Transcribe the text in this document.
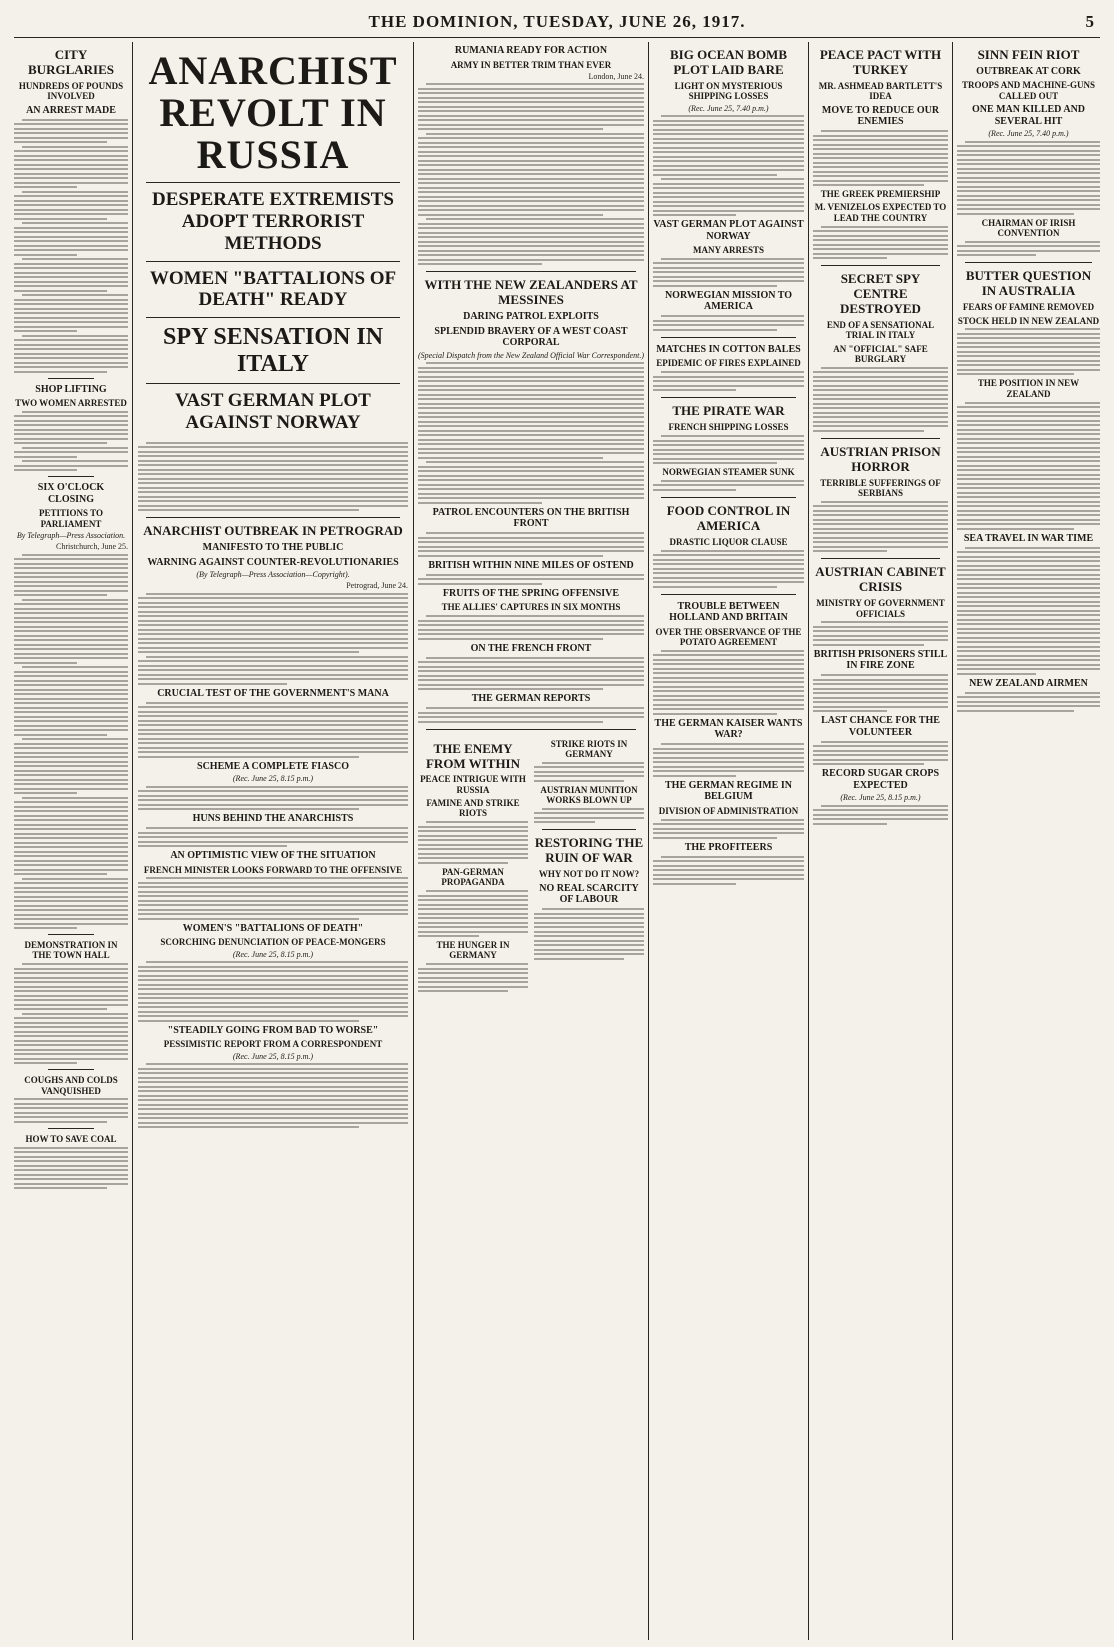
THE DOMINION, TUESDAY, JUNE 26, 1917.	5
CITY BURGLARIES
HUNDREDS OF POUNDS INVOLVED
AN ARREST MADE
SHOP LIFTING
TWO WOMEN ARRESTED
SIX O'CLOCK CLOSING
PETITIONS TO PARLIAMENT
By Telegraph—Press Association.
Christchurch, June 25.
DEMONSTRATION IN THE TOWN HALL
COUGHS AND COLDS VANQUISHED
HOW TO SAVE COAL
ANARCHIST REVOLT IN RUSSIA
DESPERATE EXTREMISTS ADOPT TERRORIST METHODS
WOMEN "BATTALIONS OF DEATH" READY
SPY SENSATION IN ITALY
VAST GERMAN PLOT AGAINST NORWAY
ANARCHIST OUTBREAK IN PETROGRAD
MANIFESTO TO THE PUBLIC
WARNING AGAINST COUNTER-REVOLUTIONARIES
(By Telegraph—Press Association—Copyright).
Petrograd, June 24.
CRUCIAL TEST OF THE GOVERNMENT'S MANA
SCHEME A COMPLETE FIASCO
(Rec. June 25, 8.15 p.m.)
HUNS BEHIND THE ANARCHISTS
AN OPTIMISTIC VIEW OF THE SITUATION
FRENCH MINISTER LOOKS FORWARD TO THE OFFENSIVE
WOMEN'S "BATTALIONS OF DEATH"
SCORCHING DENUNCIATION OF PEACE-MONGERS
(Rec. June 25, 8.15 p.m.)
"STEADILY GOING FROM BAD TO WORSE"
PESSIMISTIC REPORT FROM A CORRESPONDENT
(Rec. June 25, 8.15 p.m.)
RUMANIA READY FOR ACTION
ARMY IN BETTER TRIM THAN EVER
London, June 24.
WITH THE NEW ZEALANDERS AT MESSINES
DARING PATROL EXPLOITS
SPLENDID BRAVERY OF A WEST COAST CORPORAL
(Special Dispatch from the New Zealand Official War Correspondent.)
PATROL ENCOUNTERS ON THE BRITISH FRONT
BRITISH WITHIN NINE MILES OF OSTEND
FRUITS OF THE SPRING OFFENSIVE
THE ALLIES' CAPTURES IN SIX MONTHS
ON THE FRENCH FRONT
THE GERMAN REPORTS
THE ENEMY FROM WITHIN
PEACE INTRIGUE WITH RUSSIA
FAMINE AND STRIKE RIOTS
PAN-GERMAN PROPAGANDA
THE HUNGER IN GERMANY
STRIKE RIOTS IN GERMANY
AUSTRIAN MUNITION WORKS BLOWN UP
RESTORING THE RUIN OF WAR
WHY NOT DO IT NOW?
NO REAL SCARCITY OF LABOUR
BIG OCEAN BOMB PLOT LAID BARE
LIGHT ON MYSTERIOUS SHIPPING LOSSES
(Rec. June 25, 7.40 p.m.)
VAST GERMAN PLOT AGAINST NORWAY
MANY ARRESTS
NORWEGIAN MISSION TO AMERICA
MATCHES IN COTTON BALES
EPIDEMIC OF FIRES EXPLAINED
THE PIRATE WAR
FRENCH SHIPPING LOSSES
NORWEGIAN STEAMER SUNK
FOOD CONTROL IN AMERICA
DRASTIC LIQUOR CLAUSE
TROUBLE BETWEEN HOLLAND AND BRITAIN
OVER THE OBSERVANCE OF THE POTATO AGREEMENT
THE GERMAN KAISER WANTS WAR?
THE GERMAN REGIME IN BELGIUM
DIVISION OF ADMINISTRATION
THE PROFITEERS
PEACE PACT WITH TURKEY
MR. ASHMEAD BARTLETT'S IDEA
MOVE TO REDUCE OUR ENEMIES
THE GREEK PREMIERSHIP
M. VENIZELOS EXPECTED TO LEAD THE COUNTRY
SECRET SPY CENTRE DESTROYED
END OF A SENSATIONAL TRIAL IN ITALY
AN "OFFICIAL" SAFE BURGLARY
AUSTRIAN PRISON HORROR
TERRIBLE SUFFERINGS OF SERBIANS
AUSTRIAN CABINET CRISIS
MINISTRY OF GOVERNMENT OFFICIALS
BRITISH PRISONERS STILL IN FIRE ZONE
LAST CHANCE FOR THE VOLUNTEER
RECORD SUGAR CROPS EXPECTED
(Rec. June 25, 8.15 p.m.)
SINN FEIN RIOT
OUTBREAK AT CORK
TROOPS AND MACHINE-GUNS CALLED OUT
ONE MAN KILLED AND SEVERAL HIT
(Rec. June 25, 7.40 p.m.)
CHAIRMAN OF IRISH CONVENTION
BUTTER QUESTION IN AUSTRALIA
FEARS OF FAMINE REMOVED
STOCK HELD IN NEW ZEALAND
THE POSITION IN NEW ZEALAND
SEA TRAVEL IN WAR TIME
NEW ZEALAND AIRMEN
